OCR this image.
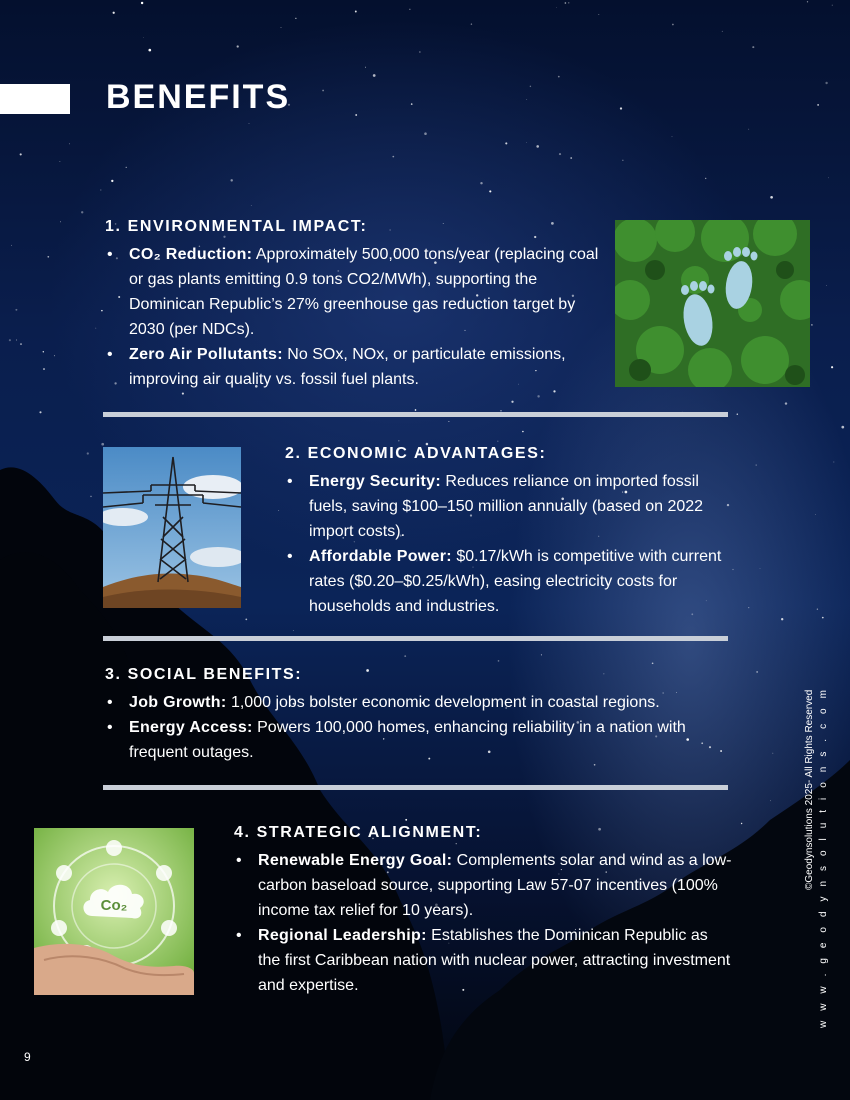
BENEFITS
1. ENVIRONMENTAL IMPACT:
• CO₂ Reduction: Approximately 500,000 tons/year (replacing coal or gas plants emitting 0.9 tons CO2/MWh), supporting the Dominican Republic’s 27% greenhouse gas reduction target by 2030 (per NDCs).
• Zero Air Pollutants: No SOx, NOx, or particulate emissions, improving air quality vs. fossil fuel plants.
2. ECONOMIC ADVANTAGES:
• Energy Security: Reduces reliance on imported fossil fuels, saving $100–150 million annually (based on 2022 import costs).
• Affordable Power: $0.17/kWh is competitive with current rates ($0.20–$0.25/kWh), easing electricity costs for households and industries.
3. SOCIAL BENEFITS:
• Job Growth: 1,000 jobs bolster economic development in coastal regions.
• Energy Access: Powers 100,000 homes, enhancing reliability in a nation with frequent outages.
Co₂
4. STRATEGIC ALIGNMENT:
• Renewable Energy Goal: Complements solar and wind as a low-carbon baseload source, supporting Law 57-07 incentives (100% income tax relief for 10 years).
• Regional Leadership: Establishes the Dominican Republic as the first Caribbean nation with nuclear power, attracting investment and expertise.	w w w . g e o d y n s o l u t i o n s . c o m
©Geodynsolutions 2025- All Rights Reserved
9
